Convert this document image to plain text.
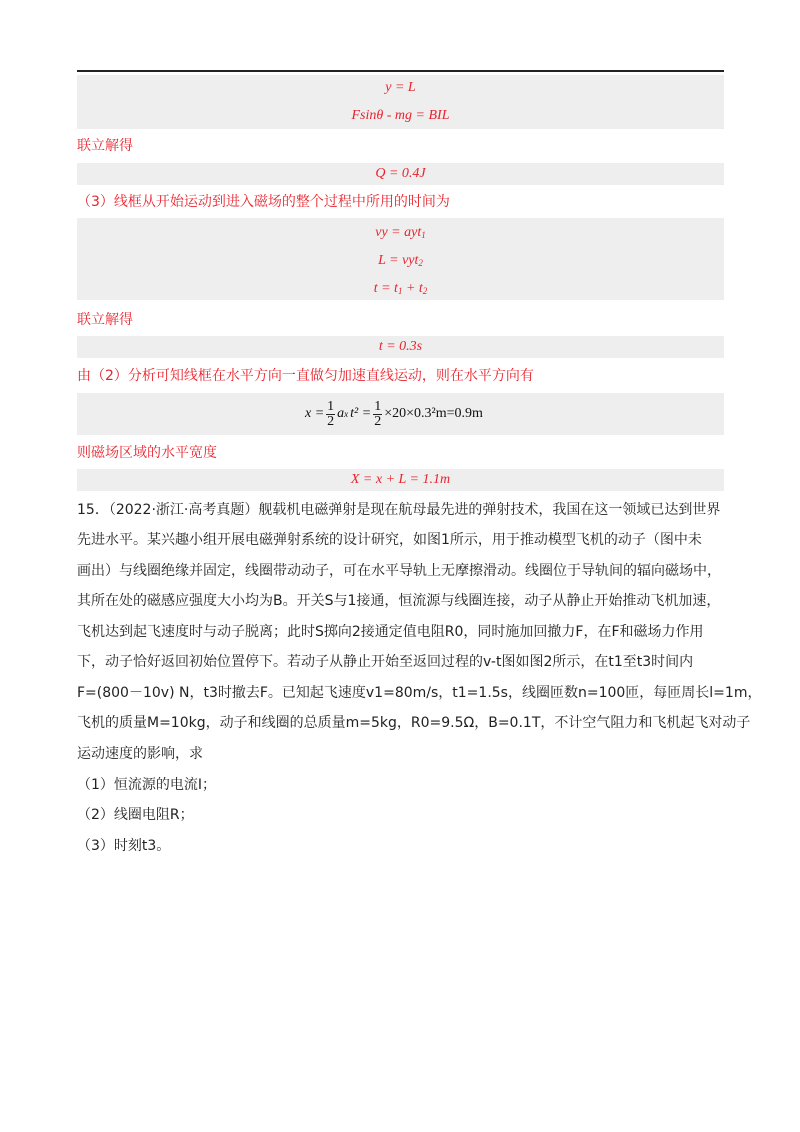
y = L
Fsinθ - mg = BIL
联立解得
Q = 0.4J
（3）线框从开始运动到进入磁场的整个过程中所用的时间为
vy = ayt$_1$
L = vyt$_2$
$t = t_1 + t_2$
联立解得
t = 0.3s
由（2）分析可知线框在水平方向一直做匀加速直线运动，则在水平方向有
$x = \frac{1}{2}$ a x $t^2 = \frac{1}{2} \times 20\times 0.3^2m=0.9m$
则磁场区域的水平宽度
X = x + L = 1.1m
15．（2022·浙江·高考真题）舰载机电磁弹射是现在航母最先进的弹射技术，我国在这一领域已达到世界
先进水平。某兴趣小组开展电磁弹射系统的设计研究，如图1所示，用于推动模型飞机的动子（图中未
画出）与线圈绝缘并固定，线圈带动动子，可在水平导轨上无摩擦滑动。线圈位于导轨间的辐向磁场中，
其所在处的磁感应强度大小均为B。开关S与1接通，恒流源与线圈连接，动子从静止开始推动飞机加速，
飞机达到起飞速度时与动子脱离；此时S掷向2接通定值电阻R0，同时施加回撤力F，在F和磁场力作用
下，动子恰好返回初始位置停下。若动子从静止开始至返回过程的v-t图如图2所示，在t1至t3时间内
F=(800－10v) N，t3时撤去F。已知起飞速度v1=80m/s，t1=1.5s，线圈匝数n=100匝，每匝周长l=1m，
飞机的质量M=10kg，动子和线圈的总质量m=5kg，R0=9.5Ω，B=0.1T，不计空气阻力和飞机起飞对动子
运动速度的影响，求
（1）恒流源的电流I；
（2）线圈电阻R；
（3）时刻t3。
